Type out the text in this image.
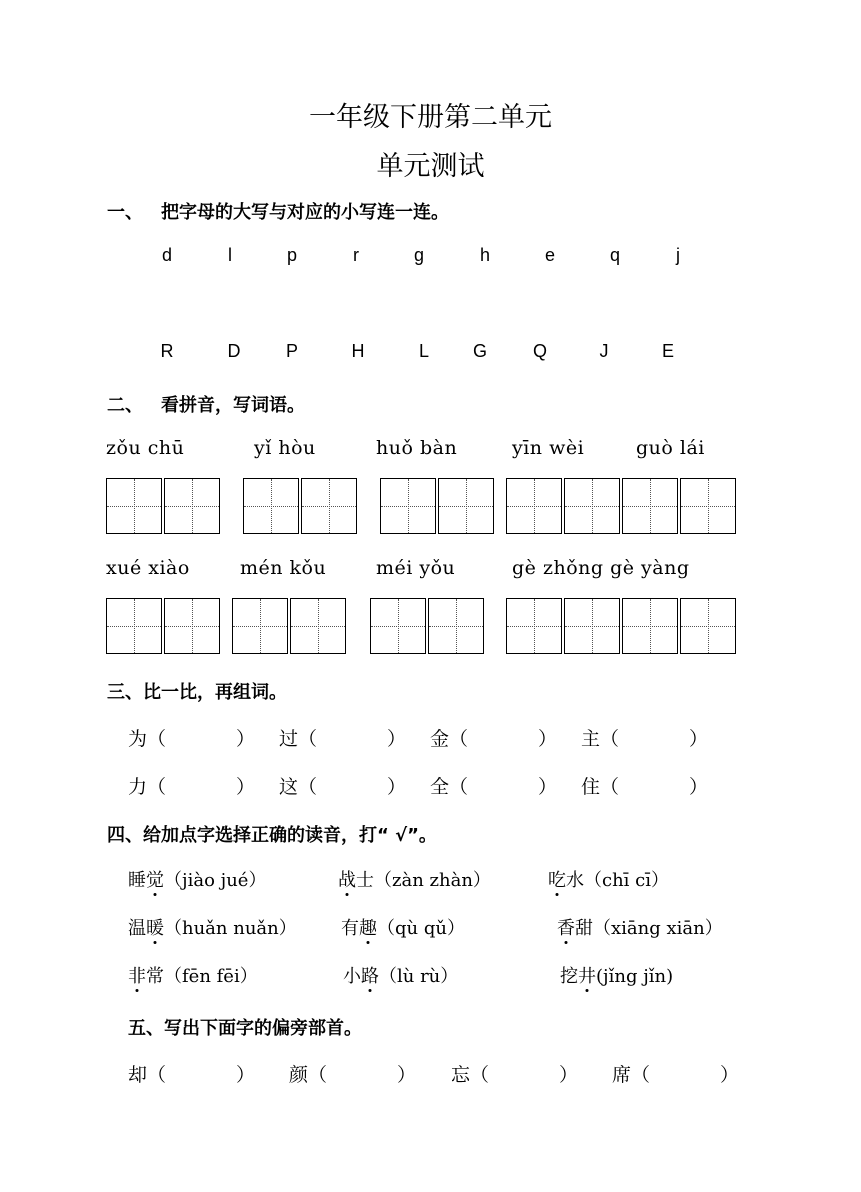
一年级下册第二单元
单元测试
一、 把字母的大写与对应的小写连一连。
d	l	p	r	g	h	e	q	j
R	D	P	H	L G	Q	J	E
二、 看拼音，写词语。
zǒu chū	yǐ hòu	huǒ bàn	yīn wèi	guò lái
xué xiào	mén kǒu	méi yǒu	gè zhǒng gè yàng
三、比一比，再组词。
为（	） 过（	） 金（	） 主（	）
力（	） 这（	） 全（	） 住（	）
四、给加点字选择正确的读音，打“ √”。
睡觉（jiào jué）	战士（zàn zhàn）	吃水（chī cī）
温暖（huǎn nuǎn） 有趣（qù qǔ）	香甜（xiāng xiān）
非常（fēn fēi）	小路（lù rù）	挖井(jǐng jǐn)
五、写出下面字的偏旁部首。
却（	） 颜（	） 忘（	） 席（	）
